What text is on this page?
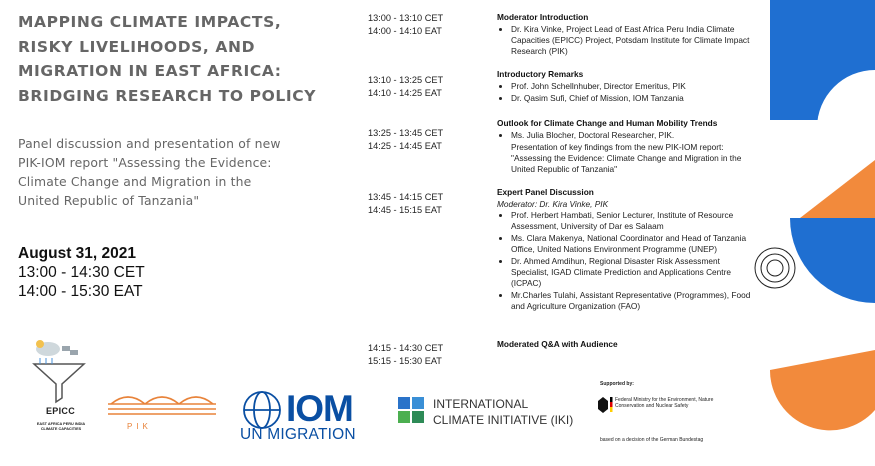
MAPPING CLIMATE IMPACTS,
RISKY LIVELIHOODS, AND
MIGRATION IN EAST AFRICA:
BRIDGING RESEARCH TO POLICY
Panel discussion and presentation of new
PIK-IOM report "Assessing the Evidence:
Climate Change and Migration in the
United Republic of Tanzania"
August 31, 2021
13:00 - 14:30 CET
14:00 - 15:30 EAT
13:00 - 13:10 CET
14:00 - 14:10 EAT
13:10 - 13:25 CET
14:10 - 14:25 EAT
13:25 - 13:45 CET
14:25 - 14:45 EAT
13:45 - 14:15 CET
14:45 - 15:15 EAT
14:15 - 14:30 CET
15:15 - 15:30 EAT
Moderator Introduction
• Dr. Kira Vinke, Project Lead of East Africa Peru India Climate Capacities (EPICC) Project, Potsdam Institute for Climate Impact Research (PIK)
Introductory Remarks
• Prof. John Schellnhuber, Director Emeritus, PIK
• Dr. Qasim Sufi, Chief of Mission, IOM Tanzania
Outlook for Climate Change and Human Mobility Trends
• Ms. Julia Blocher, Doctoral Researcher, PIK.
Presentation of key findings from the new PIK-IOM report: "Assessing the Evidence: Climate Change and Migration in the United Republic of Tanzania"
Expert Panel Discussion
Moderator: Dr. Kira Vinke, PIK
• Prof. Herbert Hambati, Senior Lecturer, Institute of Resource Assessment, University of Dar es Salaam
• Ms. Clara Makenya, National Coordinator and Head of Tanzania Office, United Nations Environment Programme (UNEP)
• Dr. Ahmed Amdihun, Regional Disaster Risk Assessment Specialist, IGAD Climate Prediction and Applications Centre (ICPAC)
• Mr.Charles Tulahi, Assistant Representative (Programmes), Food and Agriculture Organization (FAO)
Moderated Q&A with Audience
EPICC
EAST AFRICA PERU INDIA CLIMATE CAPACITIES	PIK	IOM
UN MIGRATION
INTERNATIONAL
CLIMATE INITIATIVE (IKI)
Supported by:
Federal Ministry for the Environment, Nature Conservation and Nuclear Safety
based on a decision of the German Bundestag
